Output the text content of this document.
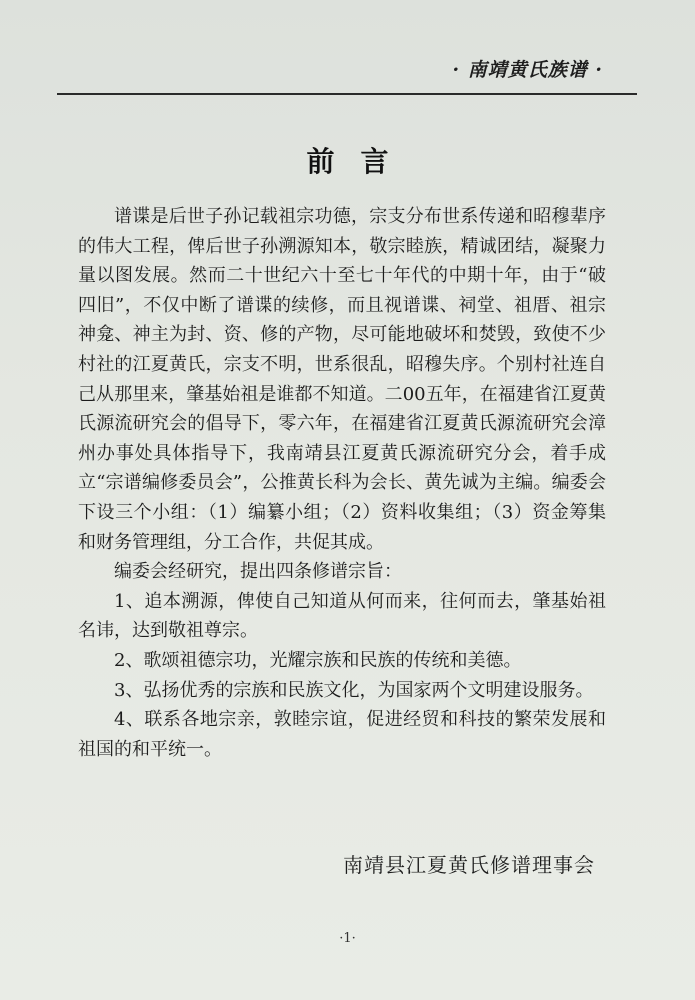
· 南靖黄氏族谱 ·
前言

谱谍是后世子孙记载祖宗功德，宗支分布世系传递和昭穆辈序的伟大工程，俾后世子孙溯源知本，敬宗睦族，精诚团结，凝聚力量以图发展。然而二十世纪六十至七十年代的中期十年，由于“破四旧”，不仅中断了谱谍的续修，而且视谱谍、祠堂、祖厝、祖宗神龛、神主为封、资、修的产物，尽可能地破坏和焚毁，致使不少村社的江夏黄氏，宗支不明，世系很乱，昭穆失序。个别村社连自己从那里来，肇基始祖是谁都不知道。二00五年，在福建省江夏黄氏源流研究会的倡导下，零六年，在福建省江夏黄氏源流研究会漳州办事处具体指导下，我南靖县江夏黄氏源流研究分会，着手成立“宗谱编修委员会”，公推黄长科为会长、黄先诚为主编。编委会下设三个小组：（1）编纂小组；（2）资料收集组；（3）资金筹集和财务管理组，分工合作，共促其成。

编委会经研究，提出四条修谱宗旨：

1、追本溯源，俾使自己知道从何而来，往何而去，肇基始祖名讳，达到敬祖尊宗。

2、歌颂祖德宗功，光耀宗族和民族的传统和美德。

3、弘扬优秀的宗族和民族文化，为国家两个文明建设服务。

4、联系各地宗亲，敦睦宗谊，促进经贸和科技的繁荣发展和祖国的和平统一。

南靖县江夏黄氏修谱理事会
·1·
